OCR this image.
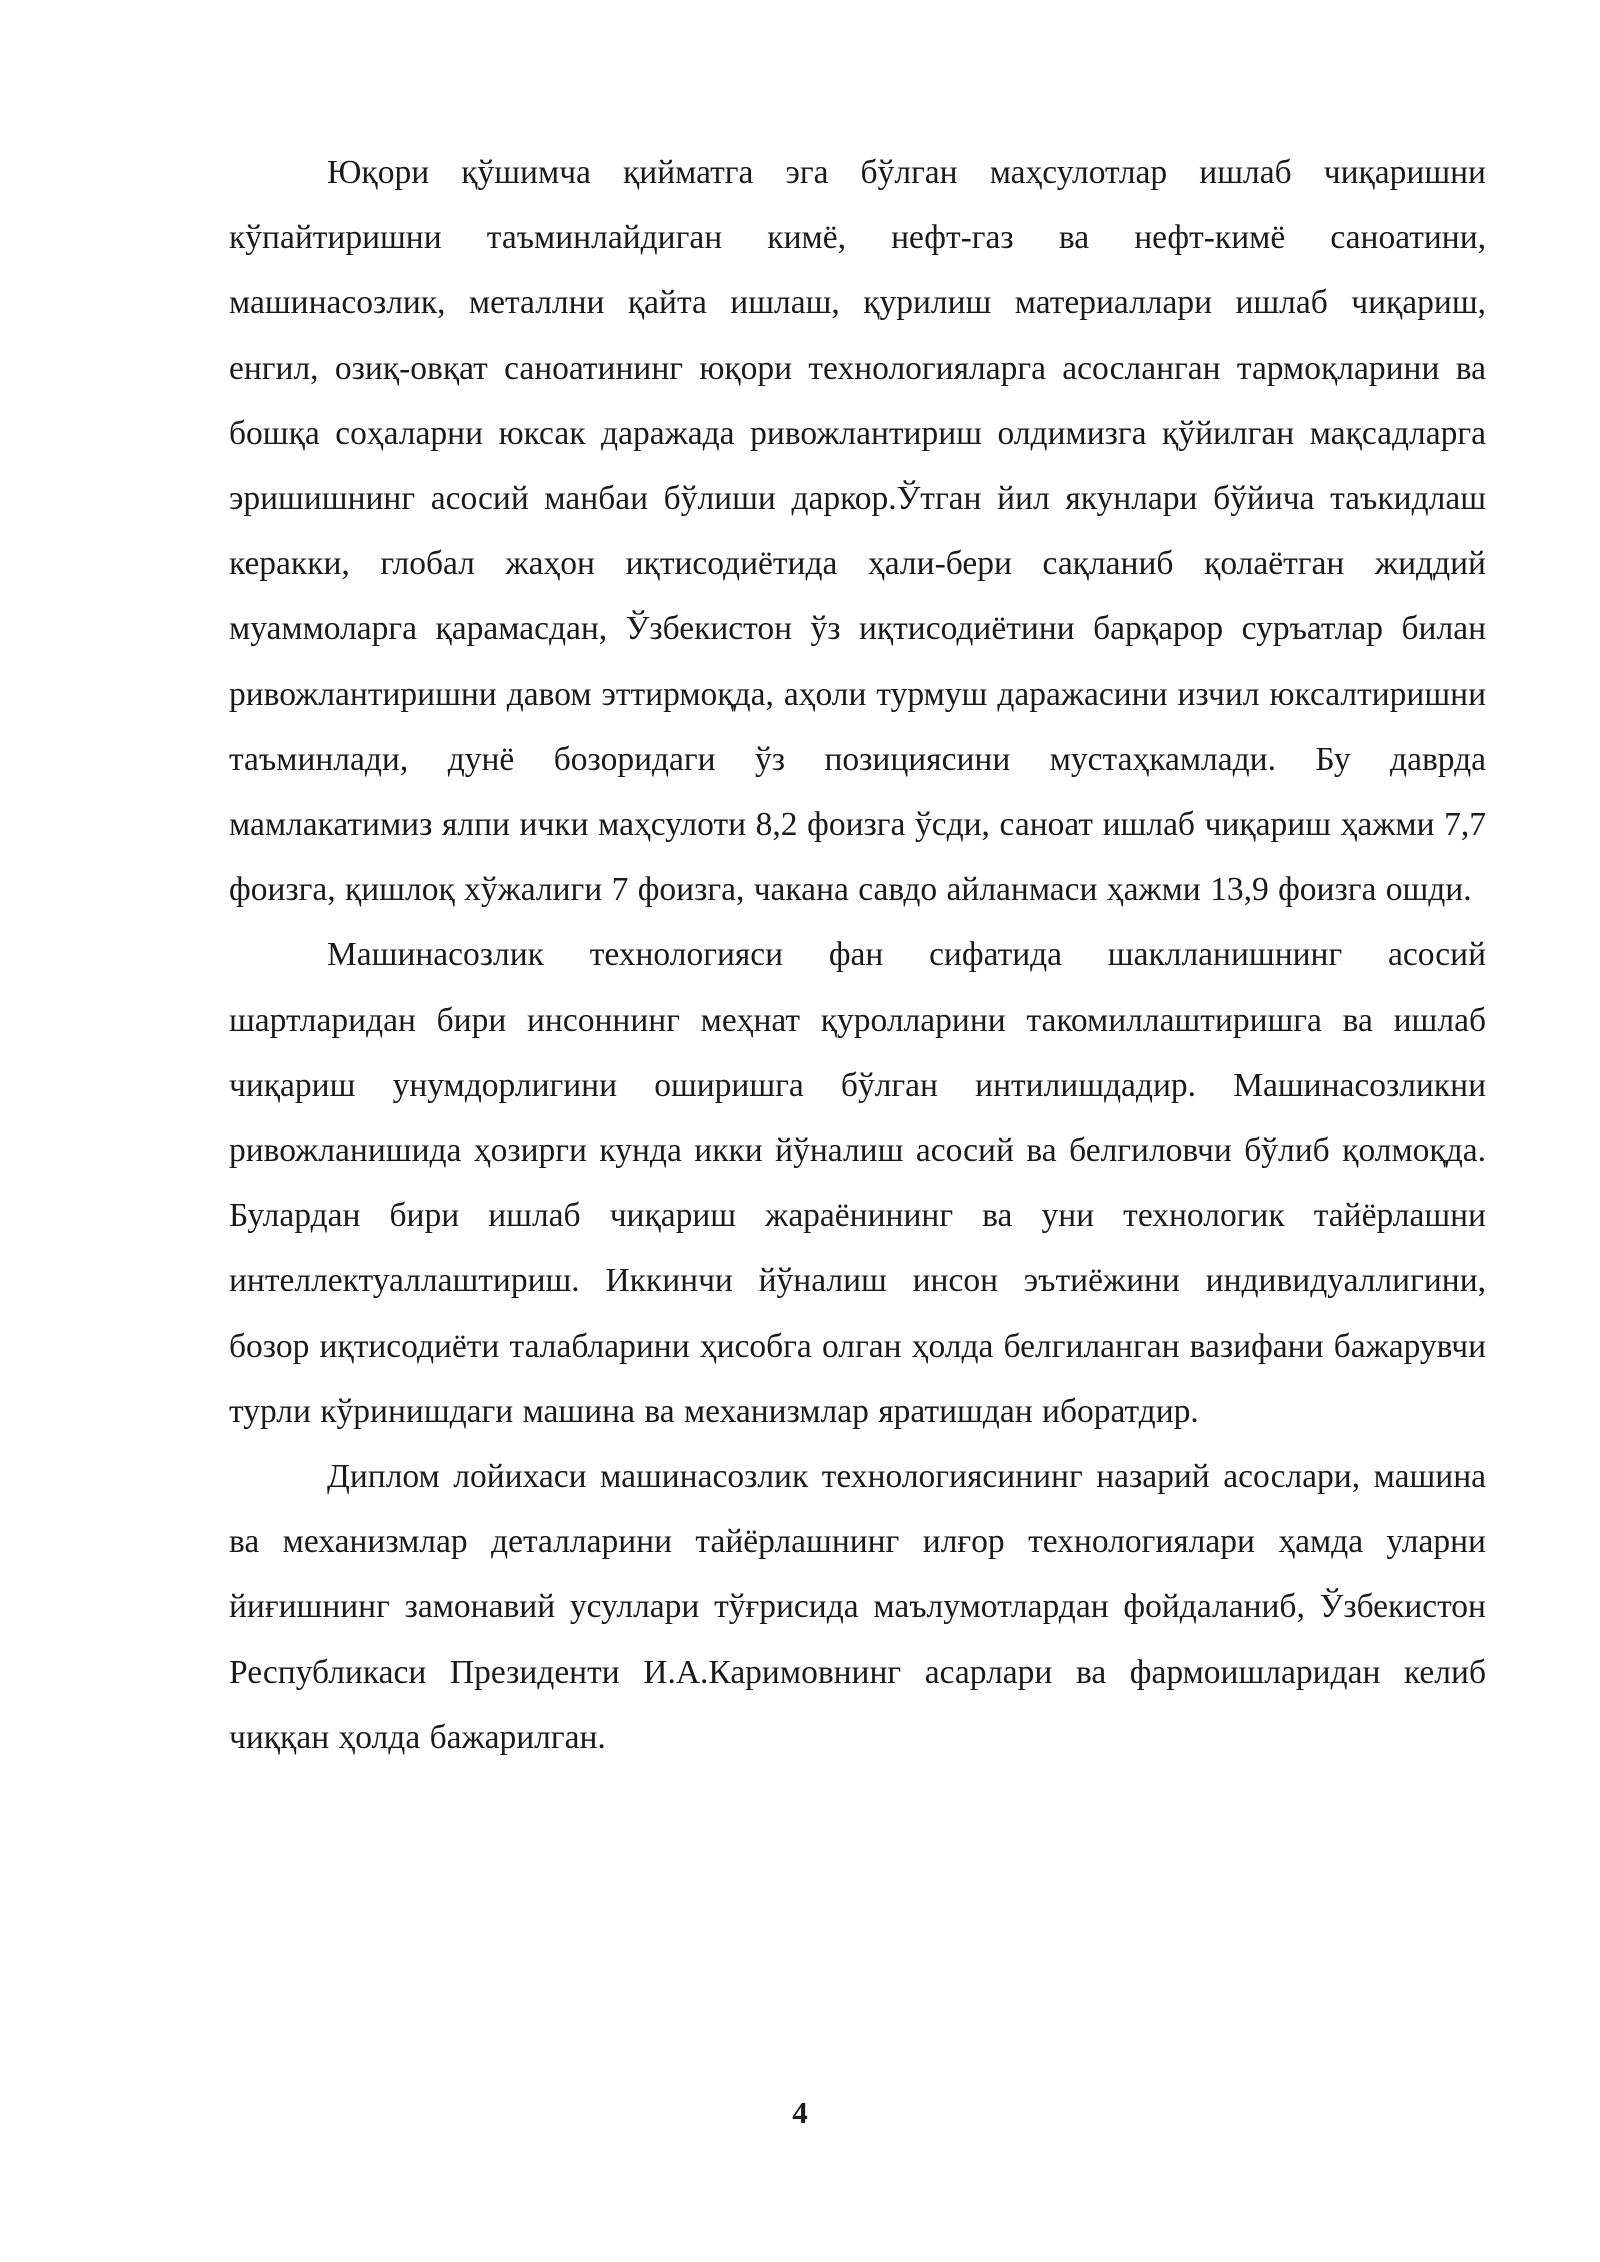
Юқори қўшимча қийматга эга бўлган маҳсулотлар ишлаб чиқаришни кўпайтиришни таъминлайдиган кимё, нефт-газ ва нефт-кимё саноатини, машинасозлик, металлни қайта ишлаш, қурилиш материаллари ишлаб чиқариш, енгил, озиқ-овқат саноатининг юқори технологияларга асосланган тармоқларини ва бошқа соҳаларни юксак даражада ривожлантириш олдимизга қўйилган мақсадларга эришишнинг асосий манбаи бўлиши даркор.Ўтган йил якунлари бўйича таъкидлаш керакки, глобал жаҳон иқтисодиётида ҳали-бери сақланиб қолаётган жиддий муаммоларга қарамасдан, Ўзбекистон ўз иқтисодиётини барқарор суръатлар билан ривожлантиришни давом эттирмоқда, аҳоли турмуш даражасини изчил юксалтиришни таъминлади, дунё бозоридаги ўз позициясини мустаҳкамлади. Бу даврда мамлакатимиз ялпи ички маҳсулоти 8,2 фоизга ўсди, саноат ишлаб чиқариш ҳажми 7,7 фоизга, қишлоқ хўжалиги 7 фоизга, чакана савдо айланмаси ҳажми 13,9 фоизга ошди.

Машинасозлик технологияси фан сифатида шаклланишнинг асосий шартларидан бири инсоннинг меҳнат қуролларини такомиллаштиришга ва ишлаб чиқариш унумдорлигини оширишга бўлган интилишдадир. Машинасозликни ривожланишида ҳозирги кунда икки йўналиш асосий ва белгиловчи бўлиб қолмоқда. Булардан бири ишлаб чиқариш жараёнининг ва уни технологик тайёрлашни интеллектуаллаштириш. Иккинчи йўналиш инсон эътиёжини индивидуаллигини, бозор иқтисодиёти талабларини ҳисобга олган ҳолда белгиланган вазифани бажарувчи турли кўринишдаги машина ва механизмлар яратишдан иборатдир.

Диплом лойихаси машинасозлик технологиясининг назарий асослари, машина ва механизмлар деталларини тайёрлашнинг илғор технологиялари ҳамда уларни йиғишнинг замонавий усуллари тўғрисида маълумотлардан фойдаланиб, Ўзбекистон Республикаси Президенти И.А.Каримовнинг асарлари ва фармоишларидан келиб чиққан ҳолда бажарилган.

4
